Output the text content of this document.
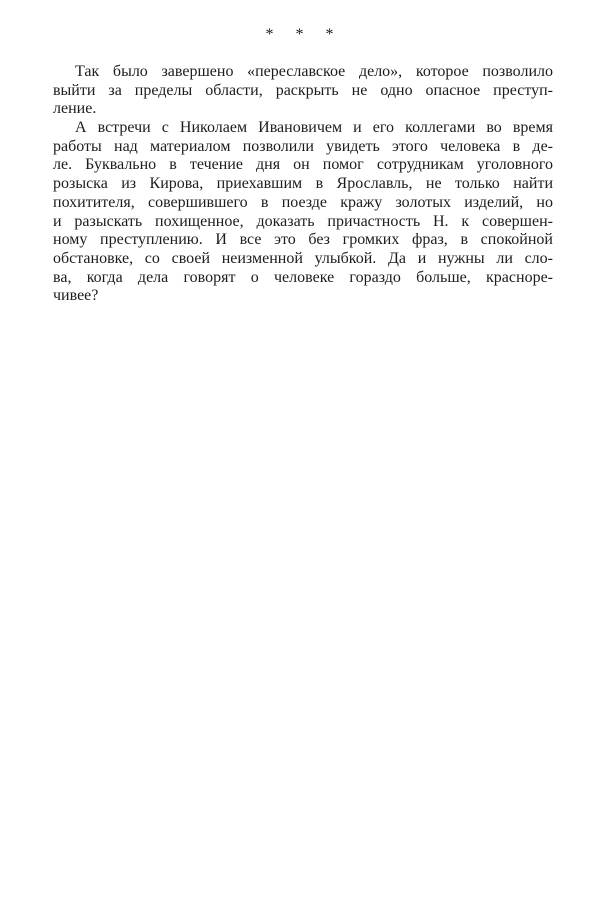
* * *
Так было завершено «переславское дело», которое позволило
выйти за пределы области, раскрыть не одно опасное преступ-
ление.
А встречи с Николаем Ивановичем и его коллегами во время
работы над материалом позволили увидеть этого человека в де-
ле. Буквально в течение дня он помог сотрудникам уголовного
розыска из Кирова, приехавшим в Ярославль, не только найти
похитителя, совершившего в поезде кражу золотых изделий, но
и разыскать похищенное, доказать причастность Н. к совершен-
ному преступлению. И все это без громких фраз, в спокойной
обстановке, со своей неизменной улыбкой. Да и нужны ли сло-
ва, когда дела говорят о человеке гораздо больше, красноре-
чивее?
